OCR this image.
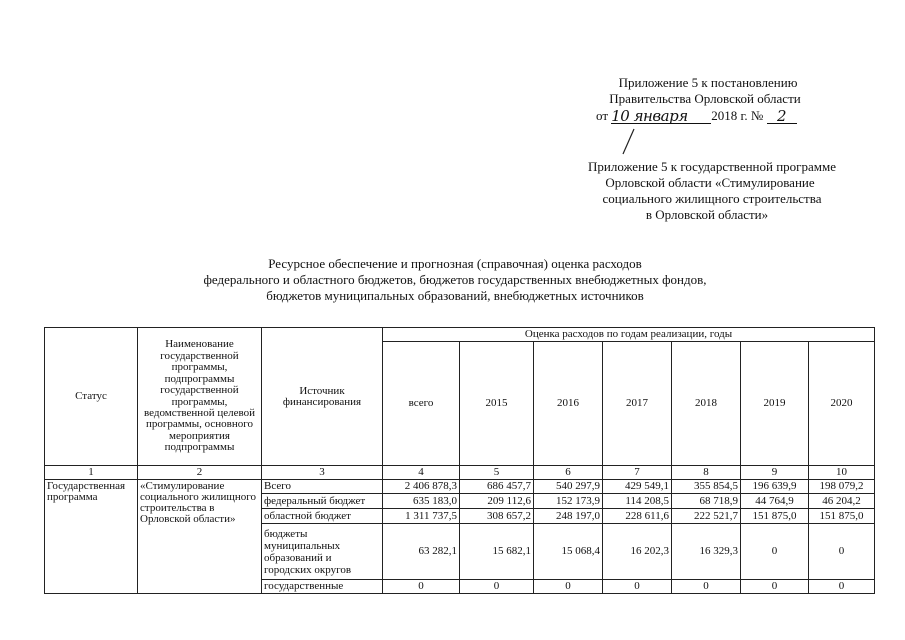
Приложение 5 к постановлению
Правительства Орловской области
от 10 января 2018 г. № 2
Приложение 5 к государственной программе
Орловской области «Стимулирование
социального жилищного строительства
в Орловской области»
Ресурсное обеспечение и прогнозная (справочная) оценка расходов
федерального и областного бюджетов, бюджетов государственных внебюджетных фондов,
бюджетов муниципальных образований, внебюджетных источников
Статус	Наименование государственной программы, подпрограммы государственной программы, ведомственной целевой программы, основного мероприятия подпрограммы	Источник финансирования	Оценка расходов по годам реализации, годы						
			всего	2015	2016	2017	2018	2019	2020
1	2	3	4	5	6	7	8	9	10
Государственная программа	«Стимулирование социального жилищного строительства в Орловской области»	Всего	2 406 878,3	686 457,7	540 297,9	429 549,1	355 854,5	196 639,9	198 079,2
		федеральный бюджет	635 183,0	209 112,6	152 173,9	114 208,5	68 718,9	44 764,9	46 204,2
		областной бюджет	1 311 737,5	308 657,2	248 197,0	228 611,6	222 521,7	151 875,0	151 875,0
		бюджеты муниципальных образований и городских округов	63 282,1	15 682,1	15 068,4	16 202,3	16 329,3	0	0
		государственные	0	0	0	0	0	0	0
